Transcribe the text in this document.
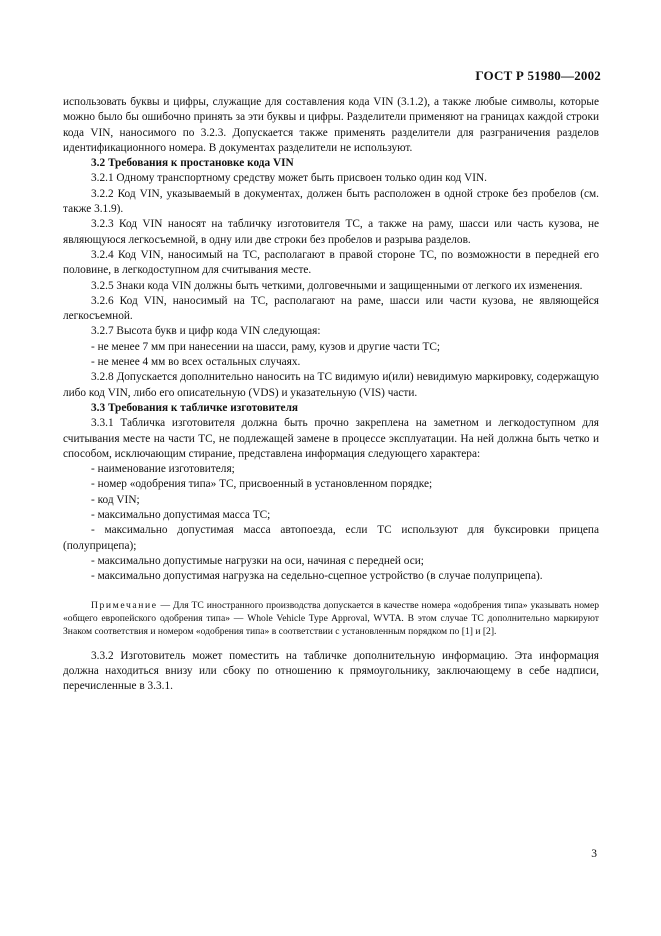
ГОСТ Р 51980—2002

использовать буквы и цифры, служащие для составления кода VIN (3.1.2), а также любые символы, которые можно было бы ошибочно принять за эти буквы и цифры. Разделители применяют на границах каждой строки кода VIN, наносимого по 3.2.3. Допускается также применять разделители для разграничения разделов идентификационного номера. В документах разделители не используют.

3.2 Требования к простановке кода VIN

3.2.1 Одному транспортному средству может быть присвоен только один код VIN.

3.2.2 Код VIN, указываемый в документах, должен быть расположен в одной строке без пробелов (см. также 3.1.9).

3.2.3 Код VIN наносят на табличку изготовителя ТС, а также на раму, шасси или часть кузова, не являющуюся легкосъемной, в одну или две строки без пробелов и разрыва разделов.

3.2.4 Код VIN, наносимый на ТС, располагают в правой стороне ТС, по возможности в передней его половине, в легкодоступном для считывания месте.

3.2.5 Знаки кода VIN должны быть четкими, долговечными и защищенными от легкого их изменения.

3.2.6 Код VIN, наносимый на ТС, располагают на раме, шасси или части кузова, не являющейся легкосъемной.

3.2.7 Высота букв и цифр кода VIN следующая:

- не менее 7 мм при нанесении на шасси, раму, кузов и другие части ТС;

- не менее 4 мм во всех остальных случаях.

3.2.8 Допускается дополнительно наносить на ТС видимую и(или) невидимую маркировку, содержащую либо код VIN, либо его описательную (VDS) и указательную (VIS) части.

3.3 Требования к табличке изготовителя

3.3.1 Табличка изготовителя должна быть прочно закреплена на заметном и легкодоступном для считывания месте на части ТС, не подлежащей замене в процессе эксплуатации. На ней должна быть четко и способом, исключающим стирание, представлена информация следующего характера:

- наименование изготовителя;

- номер «одобрения типа» ТС, присвоенный в установленном порядке;

- код VIN;

- максимально допустимая масса ТС;

- максимально допустимая масса автопоезда, если ТС используют для буксировки прицепа (полуприцепа);

- максимально допустимые нагрузки на оси, начиная с передней оси;

- максимально допустимая нагрузка на седельно-сцепное устройство (в случае полуприцепа).

Примечание — Для ТС иностранного производства допускается в качестве номера «одобрения типа» указывать номер «общего европейского одобрения типа» — Whole Vehicle Type Approval, WVTA. В этом случае ТС дополнительно маркируют Знаком соответствия и номером «одобрения типа» в соответствии с установленным порядком по [1] и [2].

3.3.2 Изготовитель может поместить на табличке дополнительную информацию. Эта информация должна находиться внизу или сбоку по отношению к прямоугольнику, заключающему в себе надписи, перечисленные в 3.3.1.

3
